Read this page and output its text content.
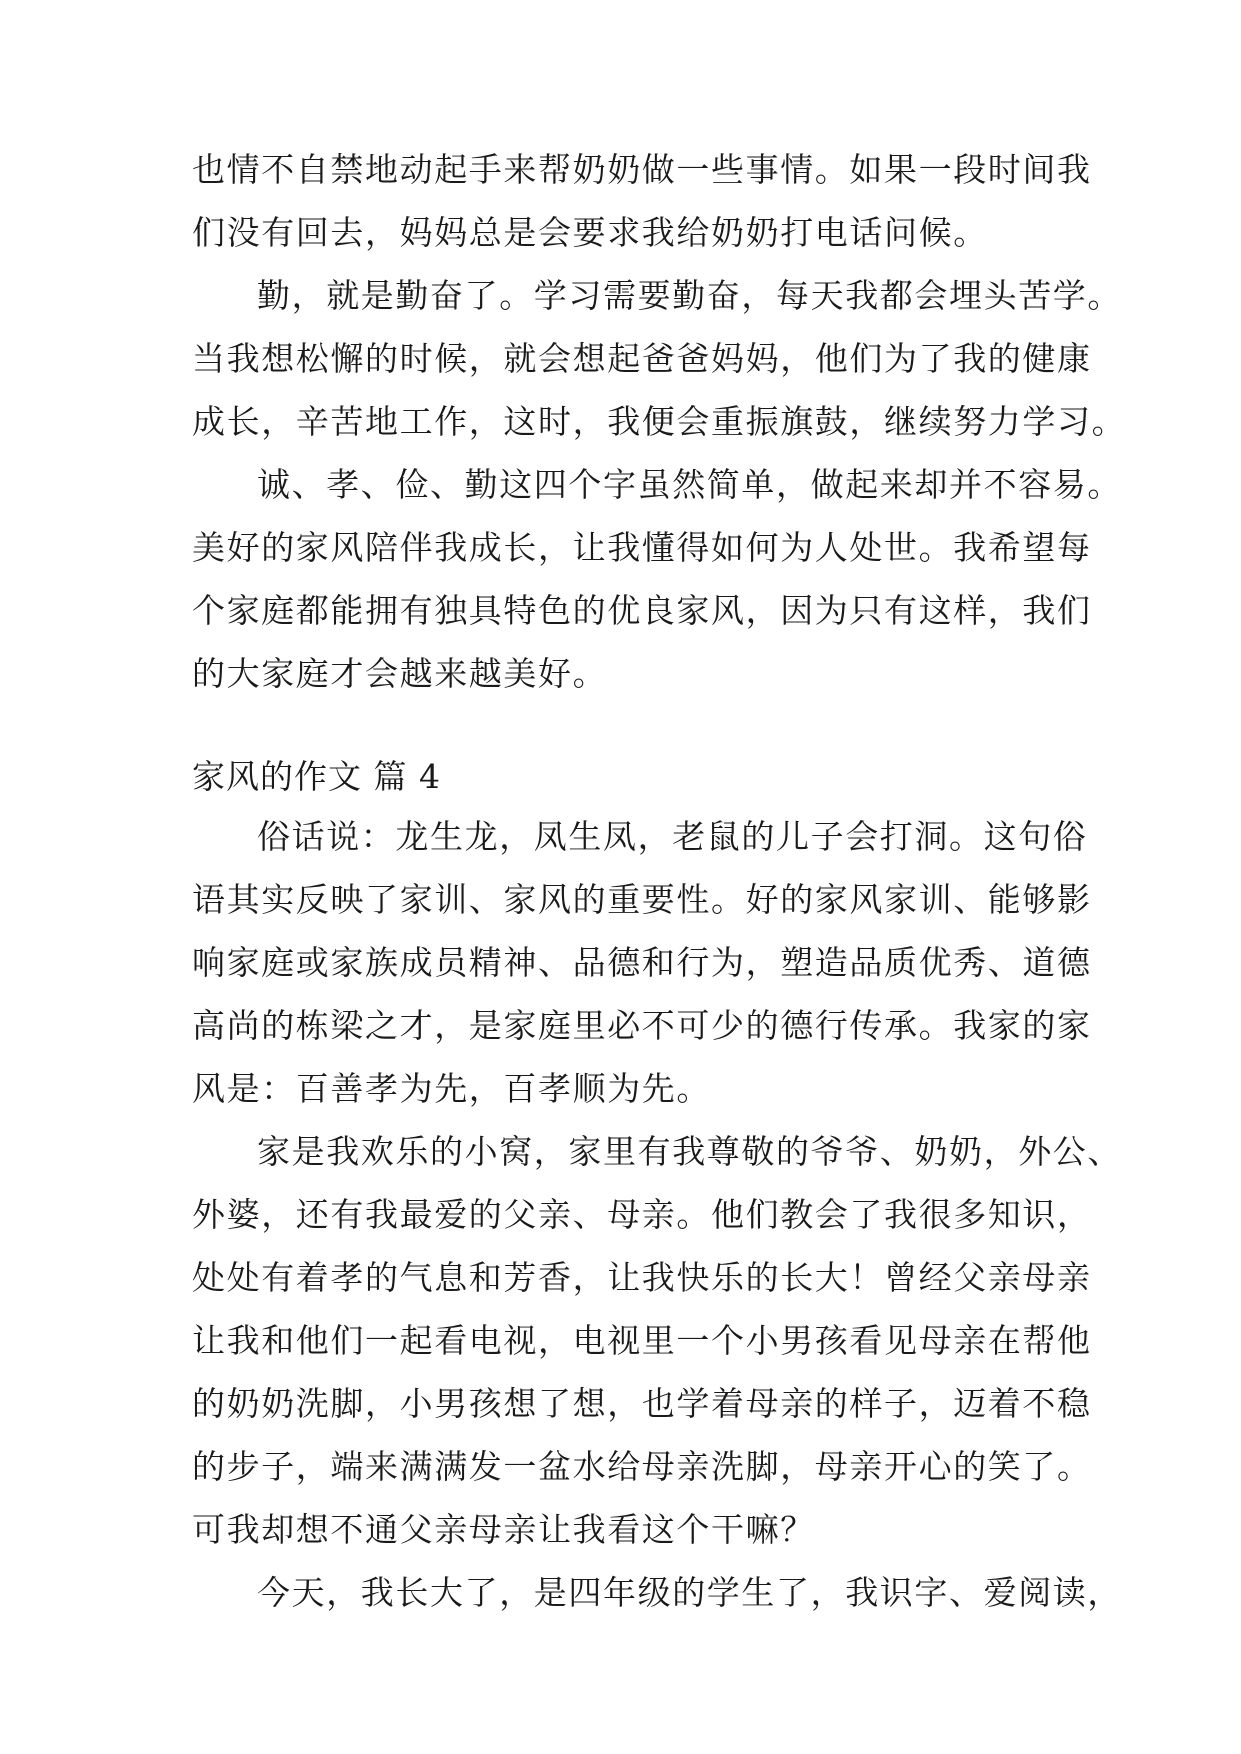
也情不自禁地动起手来帮奶奶做一些事情。如果一段时间我
们没有回去，妈妈总是会要求我给奶奶打电话问候。
勤，就是勤奋了。学习需要勤奋，每天我都会埋头苦学。
当我想松懈的时候，就会想起爸爸妈妈，他们为了我的健康
成长，辛苦地工作，这时，我便会重振旗鼓，继续努力学习。
诚、孝、俭、勤这四个字虽然简单，做起来却并不容易。
美好的家风陪伴我成长，让我懂得如何为人处世。我希望每
个家庭都能拥有独具特色的优良家风，因为只有这样，我们
的大家庭才会越来越美好。
家风的作文 篇 4
俗话说：龙生龙，凤生凤，老鼠的儿子会打洞。这句俗
语其实反映了家训、家风的重要性。好的家风家训、能够影
响家庭或家族成员精神、品德和行为，塑造品质优秀、道德
高尚的栋梁之才，是家庭里必不可少的德行传承。我家的家
风是：百善孝为先，百孝顺为先。
家是我欢乐的小窝，家里有我尊敬的爷爷、奶奶，外公、
外婆，还有我最爱的父亲、母亲。他们教会了我很多知识，
处处有着孝的气息和芳香，让我快乐的长大！曾经父亲母亲
让我和他们一起看电视，电视里一个小男孩看见母亲在帮他
的奶奶洗脚，小男孩想了想，也学着母亲的样子，迈着不稳
的步子，端来满满发一盆水给母亲洗脚，母亲开心的笑了。
可我却想不通父亲母亲让我看这个干嘛？
今天，我长大了，是四年级的学生了，我识字、爱阅读，
